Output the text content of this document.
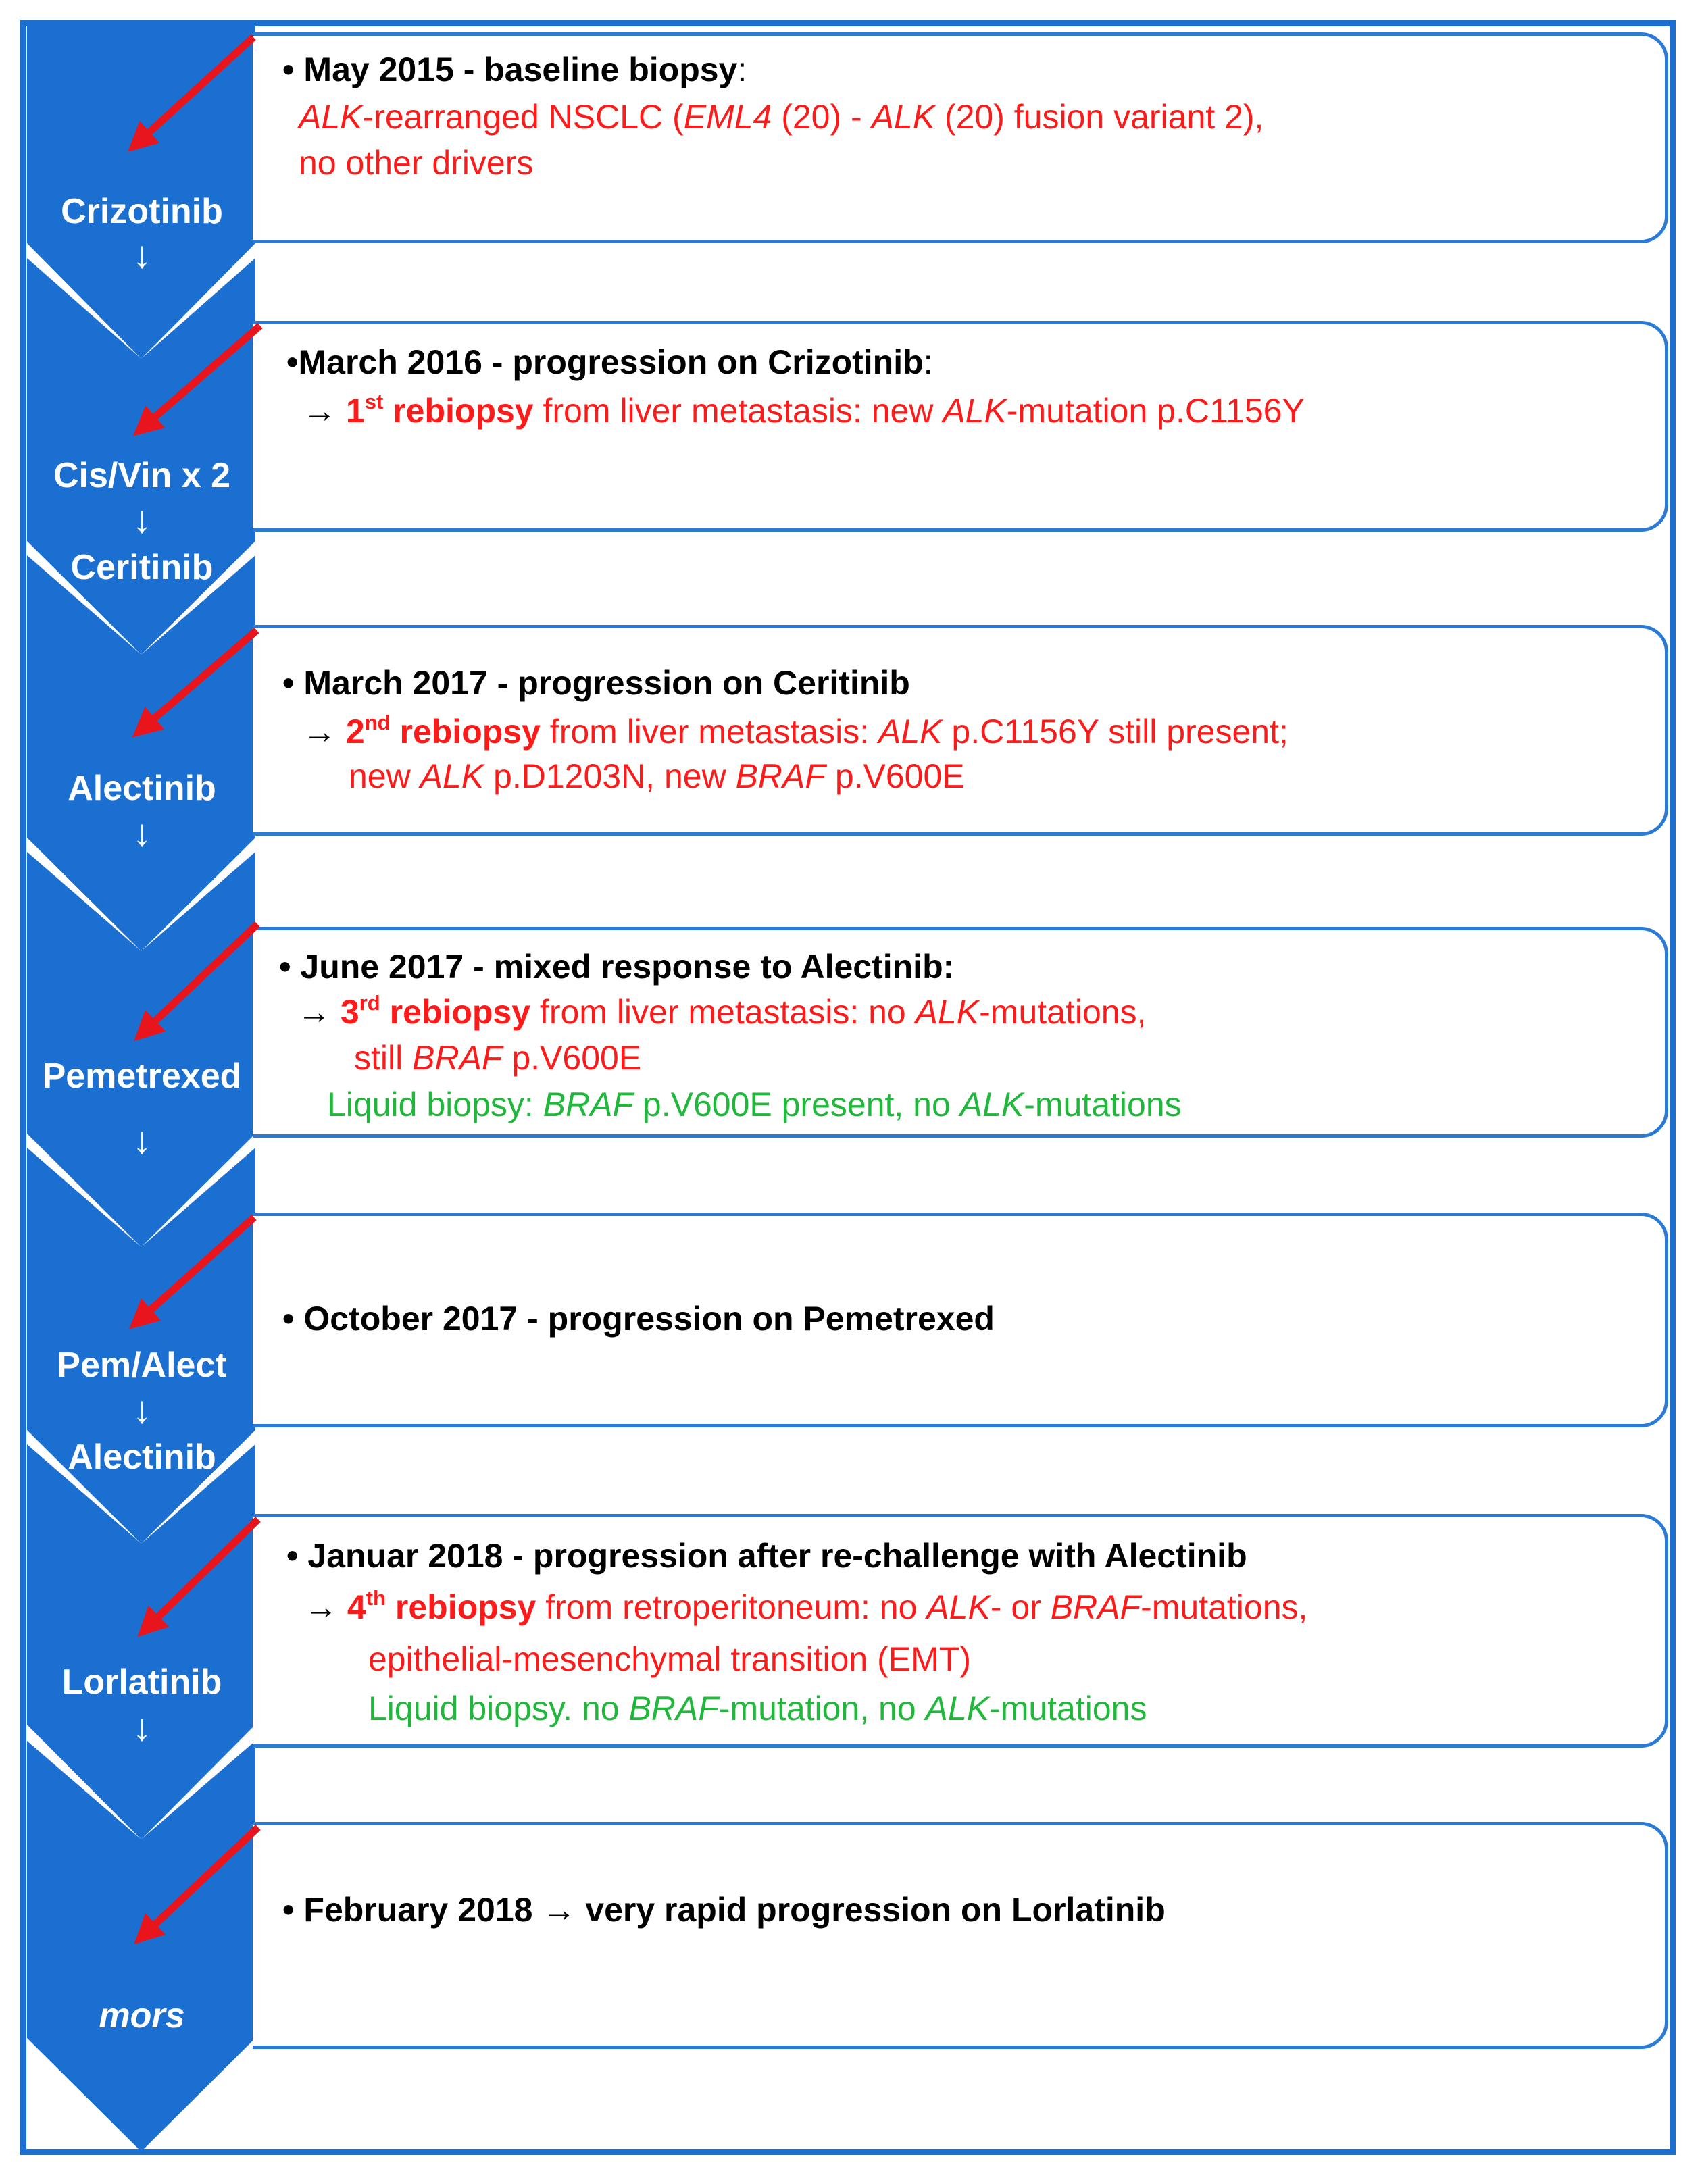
Crizotinib
↓
Cis/Vin x 2
↓
Ceritinib
Alectinib
↓
Pemetrexed
↓
Pem/Alect
↓
Alectinib
Lorlatinib
↓
mors
• May 2015 - baseline biopsy:
ALK-rearranged NSCLC (EML4 (20) - ALK (20) fusion variant 2),
no other drivers
•March 2016 - progression on Crizotinib:
→ 1st rebiopsy from liver metastasis: new ALK-mutation p.C1156Y
• March 2017 - progression on Ceritinib
→ 2nd rebiopsy from liver metastasis: ALK p.C1156Y still present;
new ALK p.D1203N, new BRAF p.V600E
• June 2017 - mixed response to Alectinib:
→ 3rd rebiopsy from liver metastasis: no ALK-mutations,
still BRAF p.V600E
Liquid biopsy: BRAF p.V600E present, no ALK-mutations
• October 2017 - progression on Pemetrexed
• Januar 2018 - progression after re-challenge with Alectinib
→ 4th rebiopsy from retroperitoneum: no ALK- or BRAF-mutations,
epithelial-mesenchymal transition (EMT)
Liquid biopsy. no BRAF-mutation, no ALK-mutations
• February 2018 → very rapid progression on Lorlatinib
